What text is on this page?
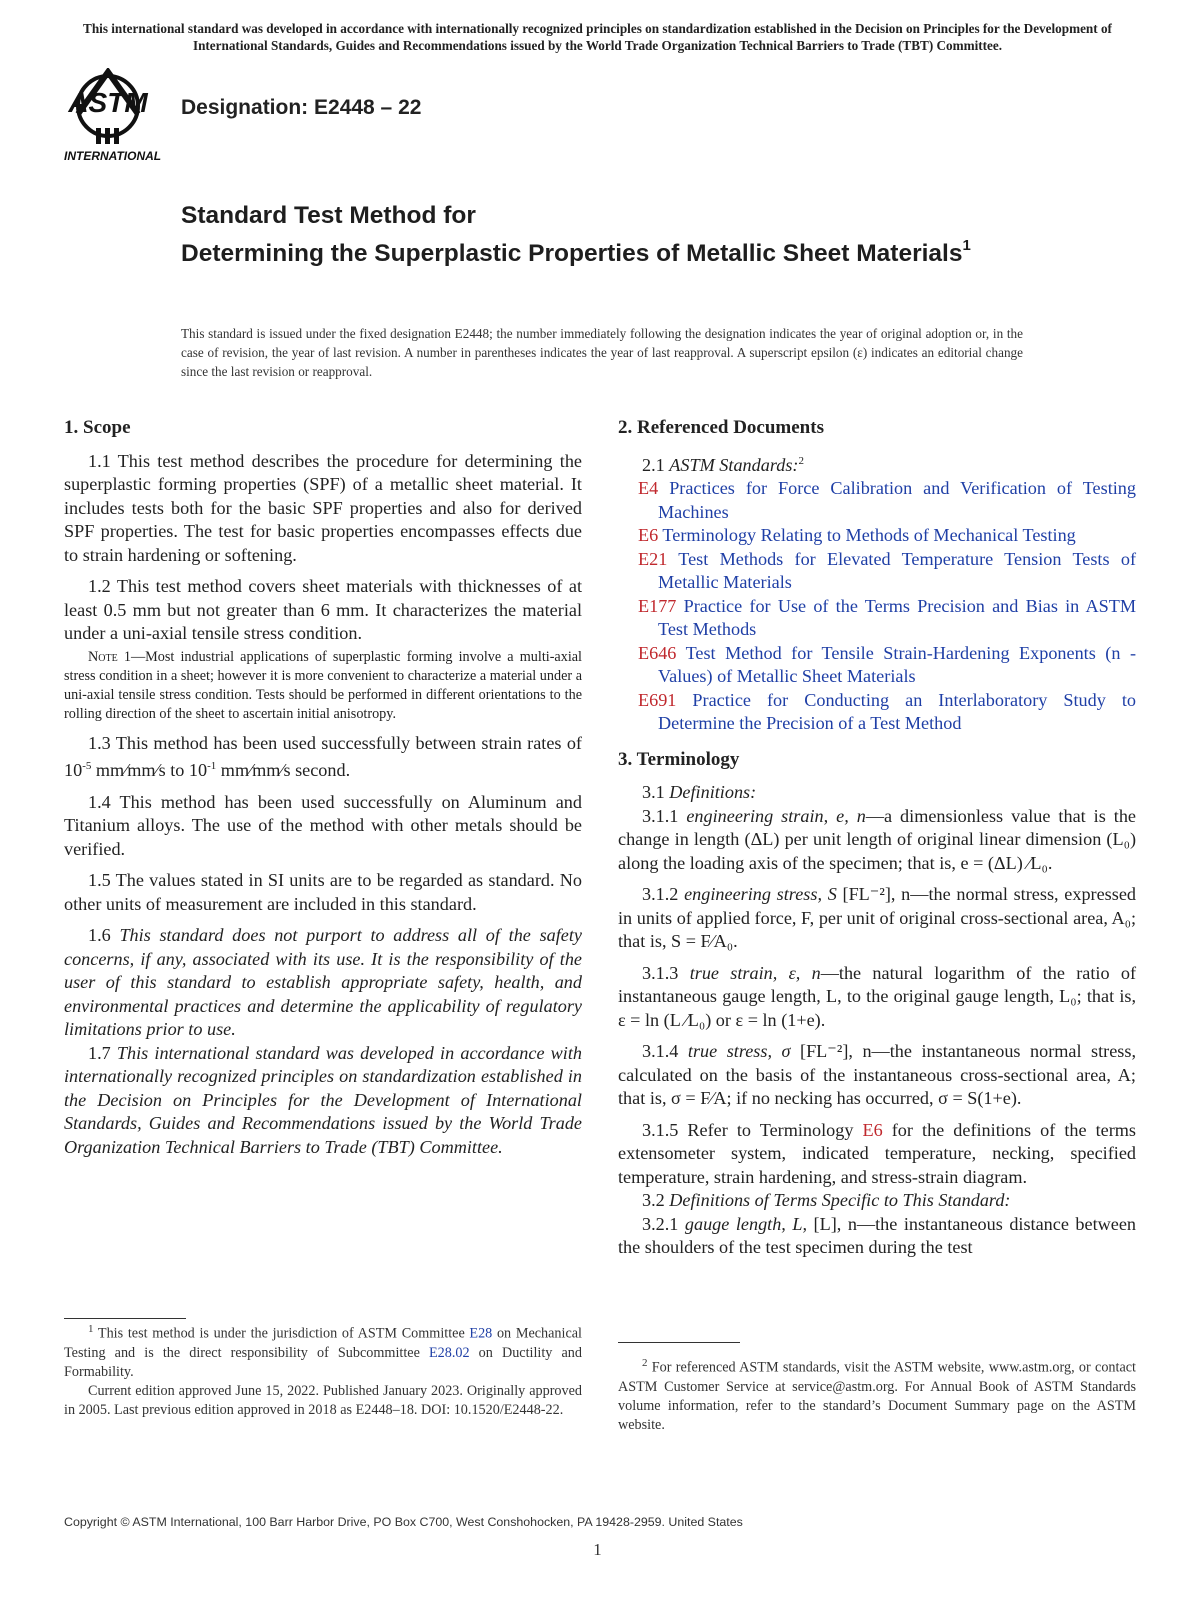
This international standard was developed in accordance with internationally recognized principles on standardization established in the Decision on Principles for the Development of International Standards, Guides and Recommendations issued by the World Trade Organization Technical Barriers to Trade (TBT) Committee.
ASTM
INTERNATIONAL
Designation: E2448 – 22
Standard Test Method for
Determining the Superplastic Properties of Metallic Sheet Materials$^1$
This standard is issued under the fixed designation E2448; the number immediately following the designation indicates the year of original adoption or, in the case of revision, the year of last revision. A number in parentheses indicates the year of last reapproval. A superscript epsilon (ε) indicates an editorial change since the last revision or reapproval.
1. Scope

1.1 This test method describes the procedure for determining the superplastic forming properties (SPF) of a metallic sheet material. It includes tests both for the basic SPF properties and also for derived SPF properties. The test for basic properties encompasses effects due to strain hardening or softening.

1.2 This test method covers sheet materials with thicknesses of at least 0.5 mm but not greater than 6 mm. It characterizes the material under a uni-axial tensile stress condition.

Note 1—Most industrial applications of superplastic forming involve a multi-axial stress condition in a sheet; however it is more convenient to characterize a material under a uni-axial tensile stress condition. Tests should be performed in different orientations to the rolling direction of the sheet to ascertain initial anisotropy.

1.3 This method has been used successfully between strain rates of $10^{-5}$ mm⁄mm⁄s to $10^{-1}$ mm⁄mm⁄s second.

1.4 This method has been used successfully on Aluminum and Titanium alloys. The use of the method with other metals should be verified.

1.5 The values stated in SI units are to be regarded as standard. No other units of measurement are included in this standard.

1.6 This standard does not purport to address all of the safety concerns, if any, associated with its use. It is the responsibility of the user of this standard to establish appropriate safety, health, and environmental practices and determine the applicability of regulatory limitations prior to use.

1.7 This international standard was developed in accordance with internationally recognized principles on standardization established in the Decision on Principles for the Development of International Standards, Guides and Recommendations issued by the World Trade Organization Technical Barriers to Trade (TBT) Committee.

2. Referenced Documents

2.1 ASTM Standards:$^2$

E4 Practices for Force Calibration and Verification of Testing Machines
E6 Terminology Relating to Methods of Mechanical Testing
E21 Test Methods for Elevated Temperature Tension Tests of Metallic Materials
E177 Practice for Use of the Terms Precision and Bias in ASTM Test Methods
E646 Test Method for Tensile Strain-Hardening Exponents (n -Values) of Metallic Sheet Materials
E691 Practice for Conducting an Interlaboratory Study to Determine the Precision of a Test Method
3. Terminology

3.1 Definitions:

3.1.1 engineering strain, e, n—a dimensionless value that is the change in length (ΔL) per unit length of original linear dimension (L₀) along the loading axis of the specimen; that is, e = (ΔL) ⁄L₀.

3.1.2 engineering stress, S [FL⁻²], n—the normal stress, expressed in units of applied force, F, per unit of original cross-sectional area, A₀; that is, S = F⁄A₀.

3.1.3 true strain, ε, n—the natural logarithm of the ratio of instantaneous gauge length, L, to the original gauge length, L₀; that is, ε = ln (L ⁄L₀) or ε = ln (1+e).

3.1.4 true stress, σ [FL⁻²], n—the instantaneous normal stress, calculated on the basis of the instantaneous cross-sectional area, A; that is, σ = F⁄A; if no necking has occurred, σ = S(1+e).

3.1.5 Refer to Terminology E6 for the definitions of the terms extensometer system, indicated temperature, necking, specified temperature, strain hardening, and stress-strain diagram.

3.2 Definitions of Terms Specific to This Standard:

3.2.1 gauge length, L, [L], n—the instantaneous distance between the shoulders of the test specimen during the test

$^1$ This test method is under the jurisdiction of ASTM Committee E28 on Mechanical Testing and is the direct responsibility of Subcommittee E28.02 on Ductility and Formability.

Current edition approved June 15, 2022. Published January 2023. Originally approved in 2005. Last previous edition approved in 2018 as E2448–18. DOI: 10.1520/E2448-22.

$^2$ For referenced ASTM standards, visit the ASTM website, www.astm.org, or contact ASTM Customer Service at service@astm.org. For Annual Book of ASTM Standards volume information, refer to the standard’s Document Summary page on the ASTM website.

Copyright © ASTM International, 100 Barr Harbor Drive, PO Box C700, West Conshohocken, PA 19428-2959. United States
1
